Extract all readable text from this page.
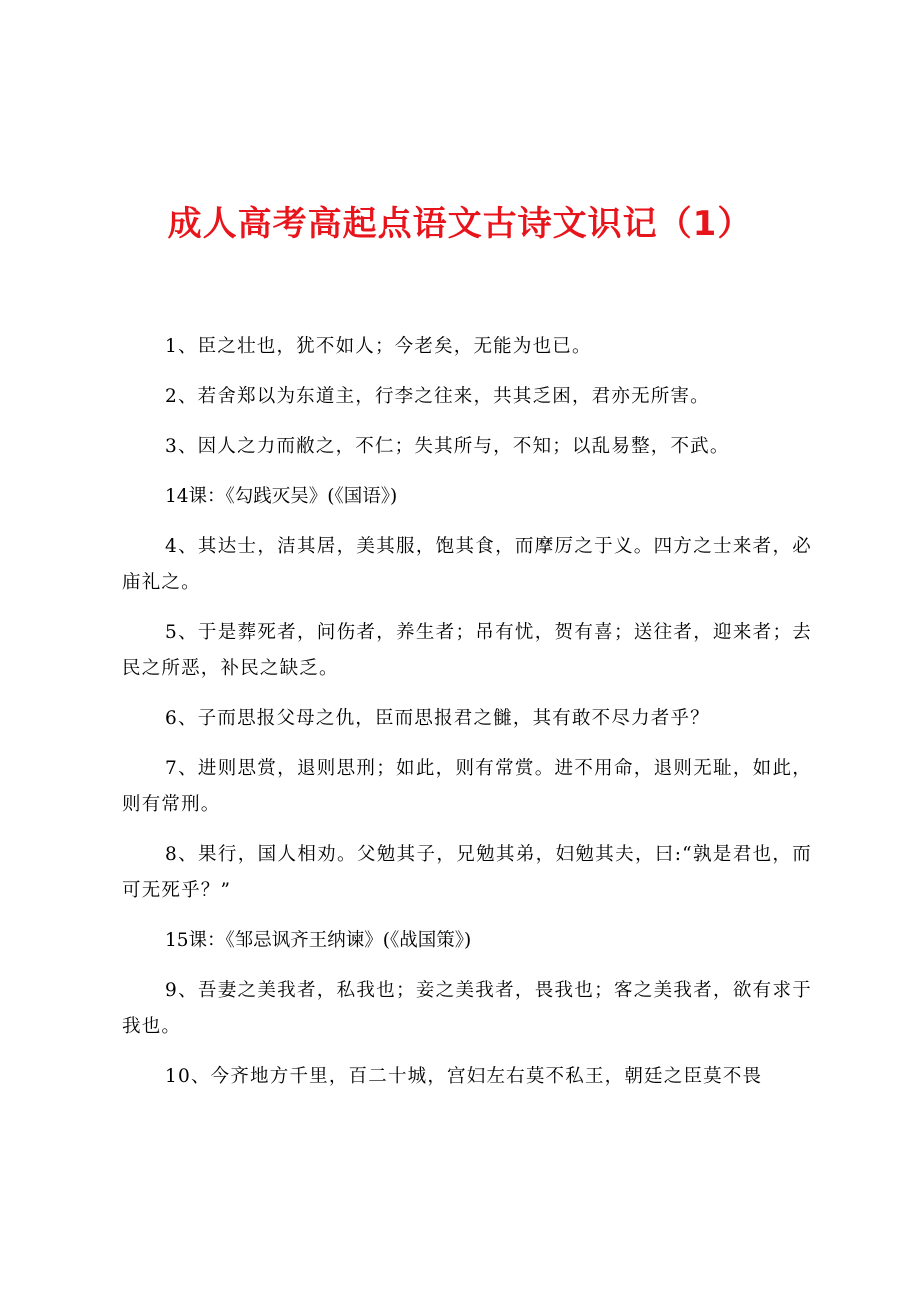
成人高考高起点语文古诗文识记（1）

1、臣之壮也，犹不如人；今老矣，无能为也已。

2、若舍郑以为东道主，行李之往来，共其乏困，君亦无所害。

3、因人之力而敝之，不仁；失其所与，不知；以乱易整，不武。

14课：《勾践灭吴》(《国语》)

4、其达士，洁其居，美其服，饱其食，而摩厉之于义。四方之士来者，必庙礼之。

5、于是葬死者，问伤者，养生者；吊有忧，贺有喜；送往者，迎来者；去民之所恶，补民之缺乏。

6、子而思报父母之仇，臣而思报君之雠，其有敢不尽力者乎？

7、进则思赏，退则思刑；如此，则有常赏。进不用命，退则无耻，如此，则有常刑。

8、果行，国人相劝。父勉其子，兄勉其弟，妇勉其夫，曰:“孰是君也，而可无死乎？”

15课：《邹忌讽齐王纳谏》(《战国策》)

9、吾妻之美我者，私我也；妾之美我者，畏我也；客之美我者，欲有求于我也。

10、今齐地方千里，百二十城，宫妇左右莫不私王，朝廷之臣莫不畏
